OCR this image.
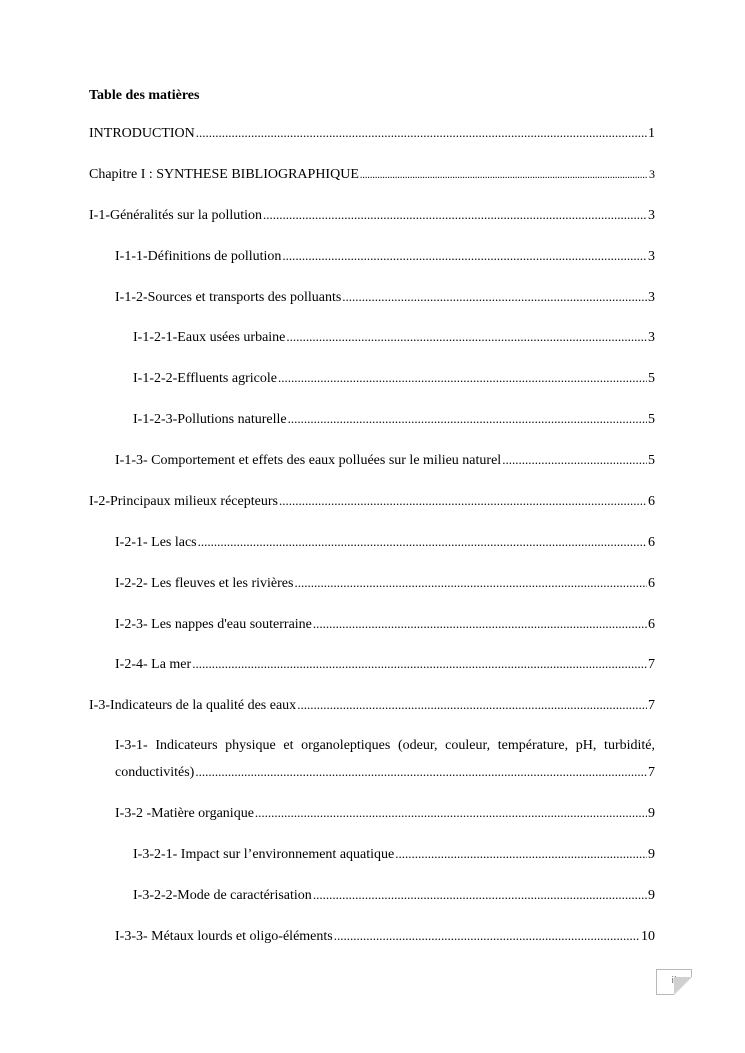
Table des matières
INTRODUCTION .....	1
Chapitre I : SYNTHESE BIBLIOGRAPHIQUE .....	3
I-1-Généralités sur la pollution .....	3
I-1-1-Définitions de pollution .....	3
I-1-2-Sources et transports des polluants .....	3
I-1-2-1-Eaux usées urbaine .....	3
I-1-2-2-Effluents agricole .....	5
I-1-2-3-Pollutions naturelle .....	5
I-1-3- Comportement et effets des eaux polluées sur le milieu naturel .....	5
I-2-Principaux milieux récepteurs .....	6
I-2-1- Les lacs .....	6
I-2-2- Les fleuves et les rivières .....	6
I-2-3- Les nappes d'eau souterraine .....	6
I-2-4- La mer .....	7
I-3-Indicateurs de la qualité des eaux .....	7
I-3-1- Indicateurs physique et organoleptiques (odeur, couleur, température, pH, turbidité,
conductivités) .....	7
I-3-2 -Matière organique .....	9
I-3-2-1- Impact sur l’environnement aquatique .....	9
I-3-2-2-Mode de caractérisation .....	9
I-3-3- Métaux lourds et oligo-éléments .....	10
ii
